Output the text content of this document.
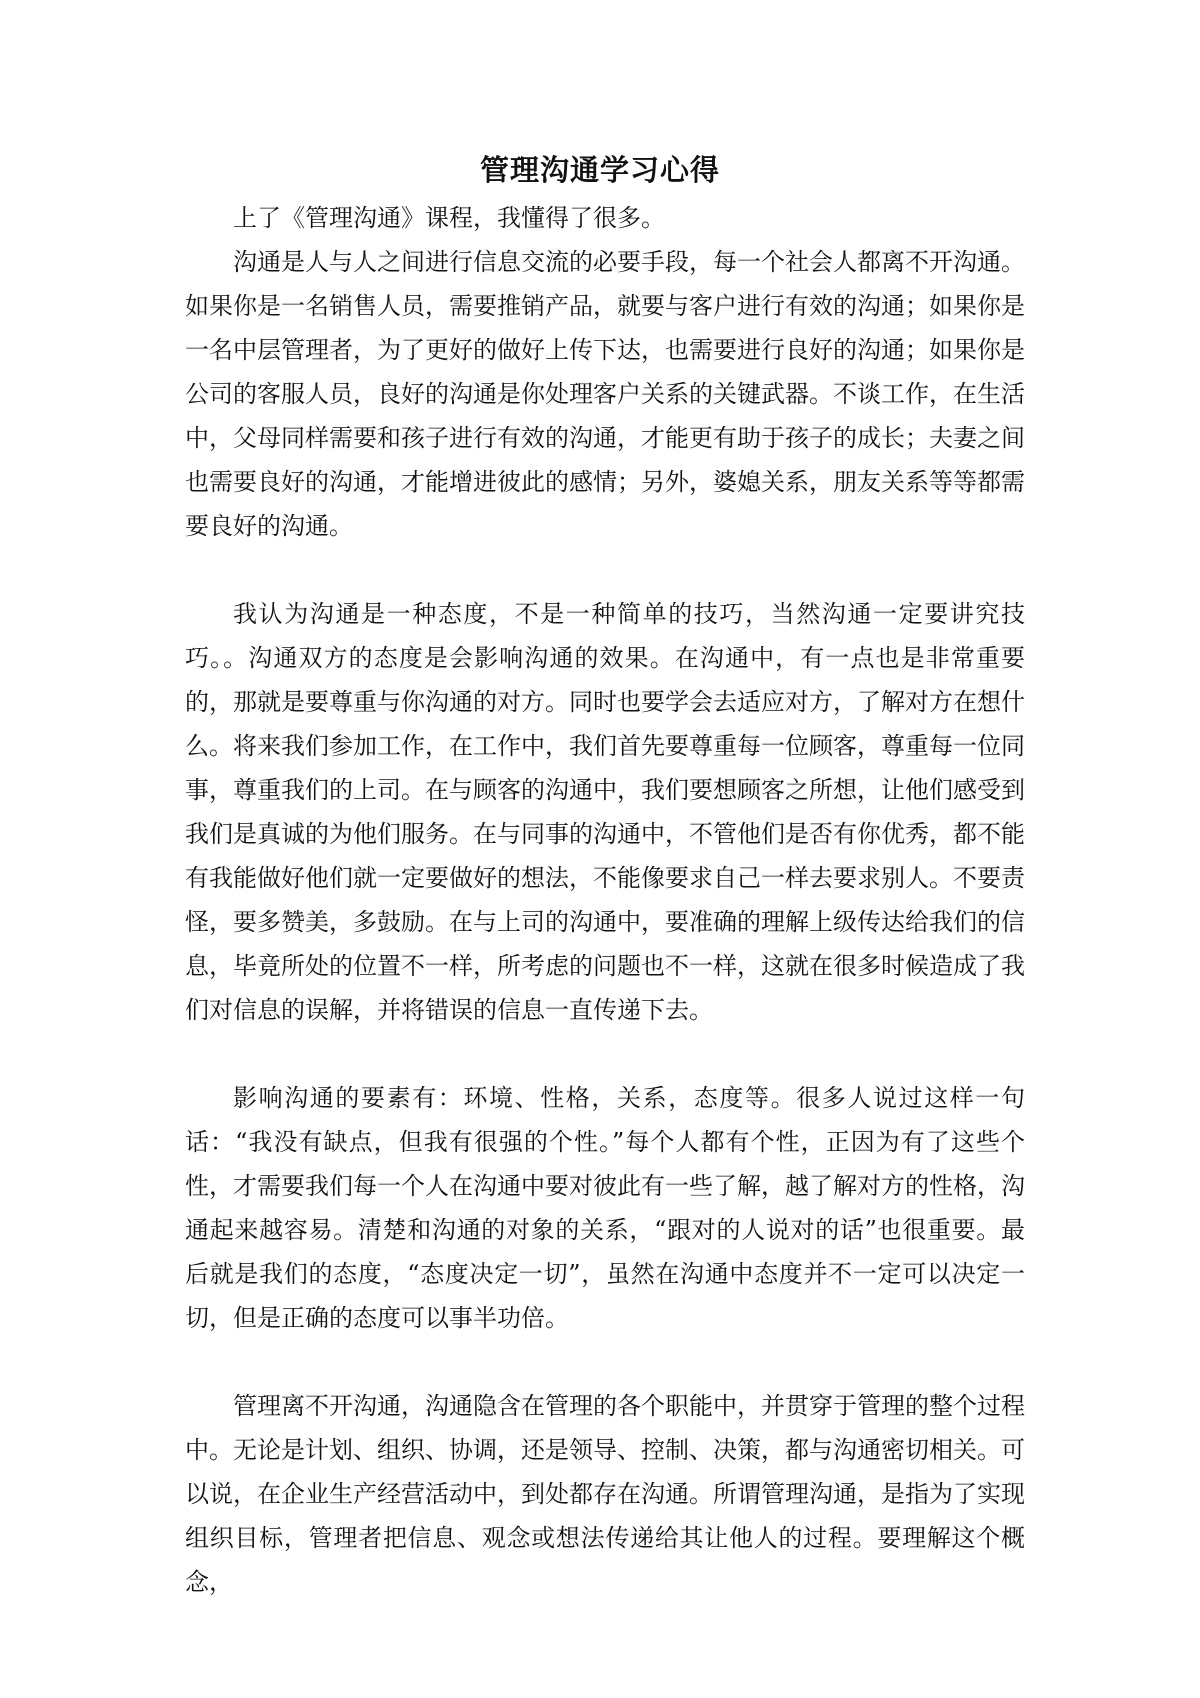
管理沟通学习心得

上了《管理沟通》课程，我懂得了很多。

沟通是人与人之间进行信息交流的必要手段，每一个社会人都离不开沟通。如果你是一名销售人员，需要推销产品，就要与客户进行有效的沟通；如果你是一名中层管理者，为了更好的做好上传下达，也需要进行良好的沟通；如果你是公司的客服人员，良好的沟通是你处理客户关系的关键武器。不谈工作，在生活中，父母同样需要和孩子进行有效的沟通，才能更有助于孩子的成长；夫妻之间也需要良好的沟通，才能增进彼此的感情；另外，婆媳关系，朋友关系等等都需要良好的沟通。

我认为沟通是一种态度，不是一种简单的技巧，当然沟通一定要讲究技巧。。沟通双方的态度是会影响沟通的效果。在沟通中，有一点也是非常重要的，那就是要尊重与你沟通的对方。同时也要学会去适应对方，了解对方在想什么。将来我们参加工作，在工作中，我们首先要尊重每一位顾客，尊重每一位同事，尊重我们的上司。在与顾客的沟通中，我们要想顾客之所想，让他们感受到我们是真诚的为他们服务。在与同事的沟通中，不管他们是否有你优秀，都不能有我能做好他们就一定要做好的想法，不能像要求自己一样去要求别人。不要责怪，要多赞美，多鼓励。在与上司的沟通中，要准确的理解上级传达给我们的信息，毕竟所处的位置不一样，所考虑的问题也不一样，这就在很多时候造成了我们对信息的误解，并将错误的信息一直传递下去。

影响沟通的要素有：环境、性格，关系，态度等。很多人说过这样一句话：“我没有缺点，但我有很强的个性。”每个人都有个性，正因为有了这些个性，才需要我们每一个人在沟通中要对彼此有一些了解，越了解对方的性格，沟通起来越容易。清楚和沟通的对象的关系，“跟对的人说对的话”也很重要。最后就是我们的态度，“态度决定一切”，虽然在沟通中态度并不一定可以决定一切，但是正确的态度可以事半功倍。

管理离不开沟通，沟通隐含在管理的各个职能中，并贯穿于管理的整个过程中。无论是计划、组织、协调，还是领导、控制、决策，都与沟通密切相关。可以说，在企业生产经营活动中，到处都存在沟通。所谓管理沟通，是指为了实现组织目标，管理者把信息、观念或想法传递给其让他人的过程。要理解这个概念，
